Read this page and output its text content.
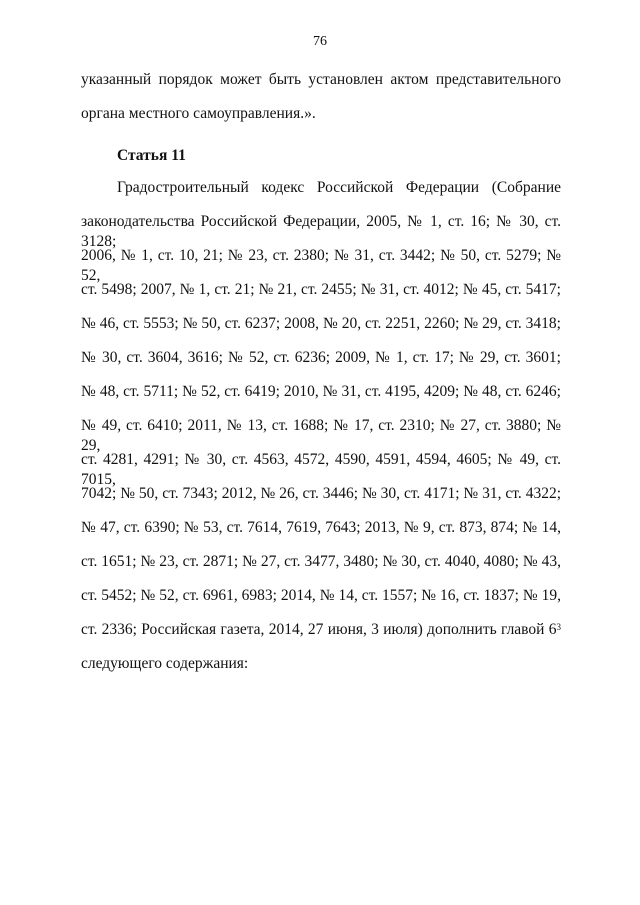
76
указанный порядок может быть установлен актом представительного
органа местного самоуправления.».
Статья 11
Градостроительный кодекс Российской Федерации (Собрание
законодательства Российской Федерации, 2005, № 1, ст. 16; № 30, ст. 3128;
2006, № 1, ст. 10, 21; № 23, ст. 2380; № 31, ст. 3442; № 50, ст. 5279; № 52,
ст. 5498; 2007, № 1, ст. 21; № 21, ст. 2455; № 31, ст. 4012; № 45, ст. 5417;
№ 46, ст. 5553; № 50, ст. 6237; 2008, № 20, ст. 2251, 2260; № 29, ст. 3418;
№ 30, ст. 3604, 3616; № 52, ст. 6236; 2009, № 1, ст. 17; № 29, ст. 3601;
№ 48, ст. 5711; № 52, ст. 6419; 2010, № 31, ст. 4195, 4209; № 48, ст. 6246;
№ 49, ст. 6410; 2011, № 13, ст. 1688; № 17, ст. 2310; № 27, ст. 3880; № 29,
ст. 4281, 4291; № 30, ст. 4563, 4572, 4590, 4591, 4594, 4605; № 49, ст. 7015,
7042; № 50, ст. 7343; 2012, № 26, ст. 3446; № 30, ст. 4171; № 31, ст. 4322;
№ 47, ст. 6390; № 53, ст. 7614, 7619, 7643; 2013, № 9, ст. 873, 874; № 14,
ст. 1651; № 23, ст. 2871; № 27, ст. 3477, 3480; № 30, ст. 4040, 4080; № 43,
ст. 5452; № 52, ст. 6961, 6983; 2014, № 14, ст. 1557; № 16, ст. 1837; № 19,
ст. 2336; Российская газета, 2014, 27 июня, 3 июля) дополнить главой $6^3$
следующего содержания:
